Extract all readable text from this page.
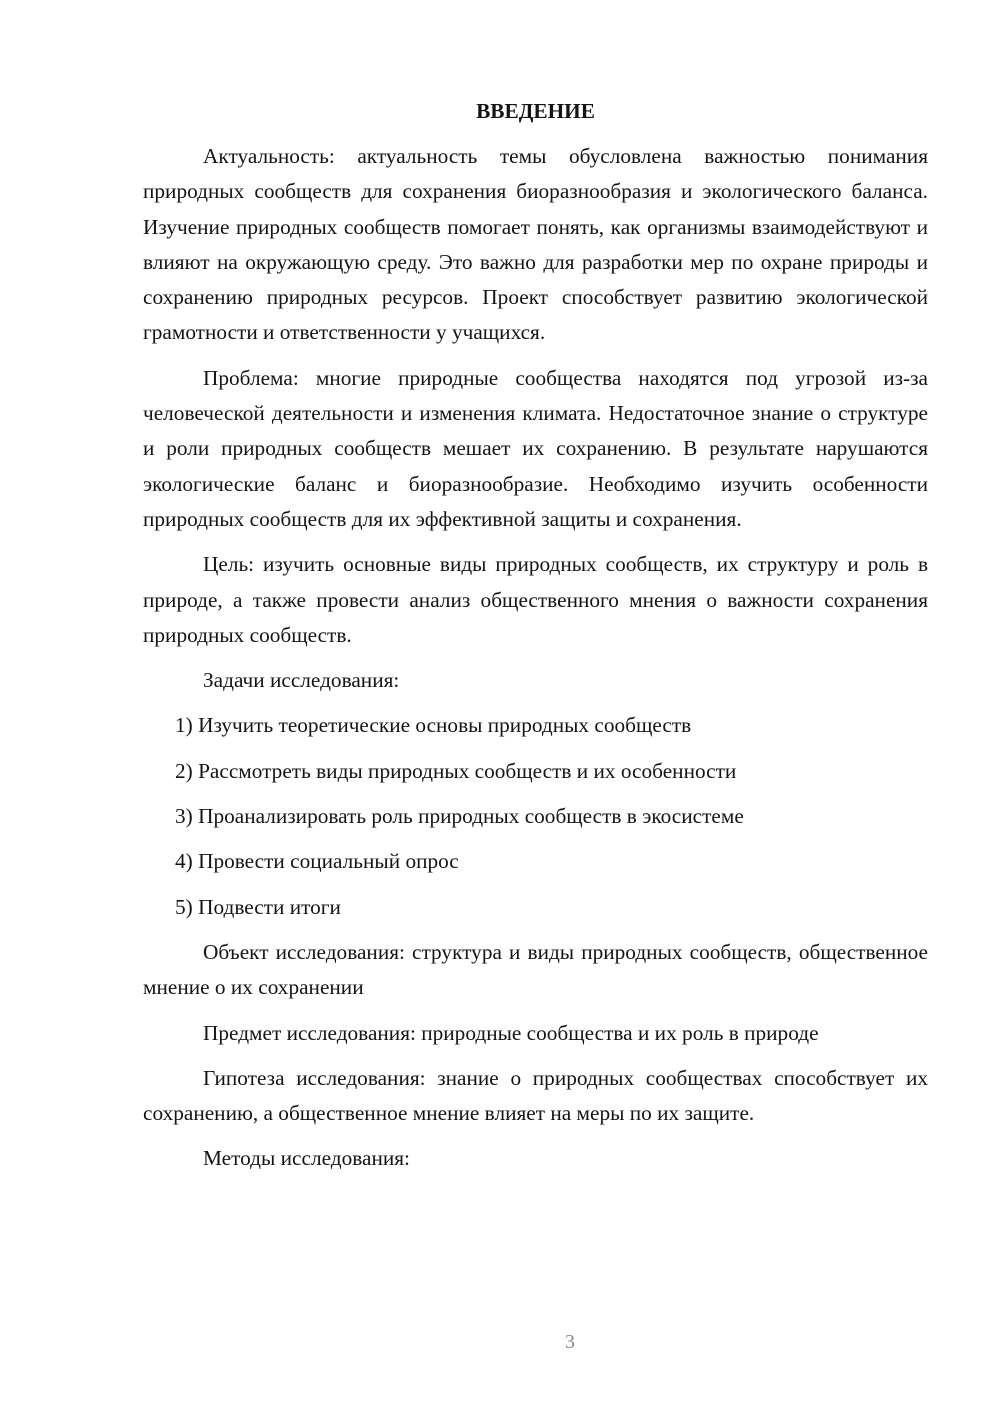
ВВЕДЕНИЕ

Актуальность: актуальность темы обусловлена важностью понимания природных сообществ для сохранения биоразнообразия и экологического баланса. Изучение природных сообществ помогает понять, как организмы взаимодействуют и влияют на окружающую среду. Это важно для разработки мер по охране природы и сохранению природных ресурсов. Проект способствует развитию экологической грамотности и ответственности у учащихся.

Проблема: многие природные сообщества находятся под угрозой из-за человеческой деятельности и изменения климата. Недостаточное знание о структуре и роли природных сообществ мешает их сохранению. В результате нарушаются экологические баланс и биоразнообразие. Необходимо изучить особенности природных сообществ для их эффективной защиты и сохранения.

Цель: изучить основные виды природных сообществ, их структуру и роль в природе, а также провести анализ общественного мнения о важности сохранения природных сообществ.

Задачи исследования:

1) Изучить теоретические основы природных сообществ
2) Рассмотреть виды природных сообществ и их особенности
3) Проанализировать роль природных сообществ в экосистеме
4) Провести социальный опрос
5) Подвести итоги

Объект исследования: структура и виды природных сообществ, общественное мнение о их сохранении

Предмет исследования: природные сообщества и их роль в природе

Гипотеза исследования: знание о природных сообществах способствует их сохранению, а общественное мнение влияет на меры по их защите.

Методы исследования:

3
